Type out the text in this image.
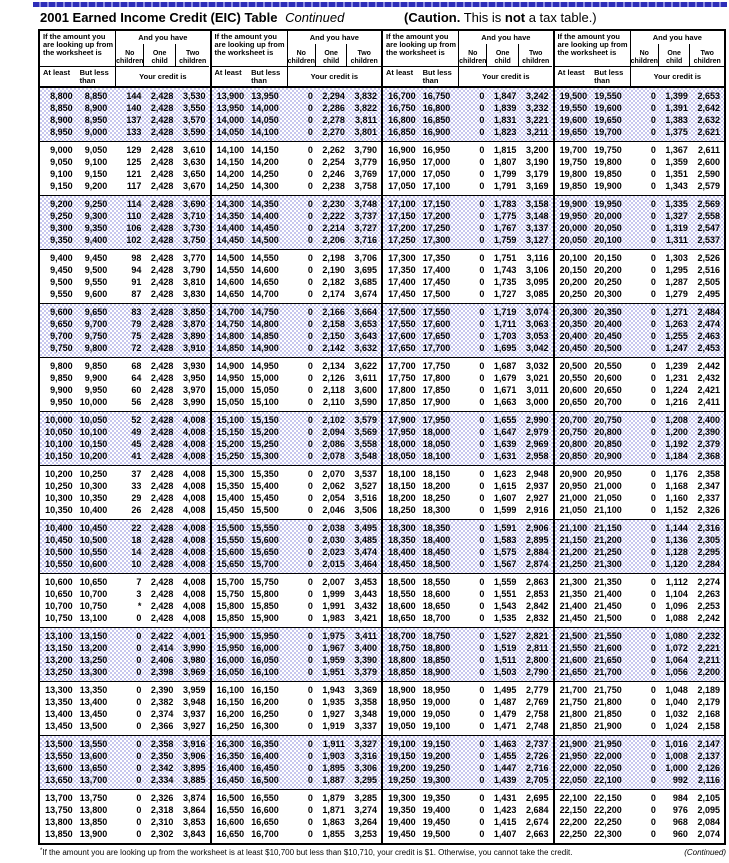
2001 Earned Income Credit (EIC) Table Continued	(Caution. This is not a tax table.)
If the amount you are looking up from the worksheet is
And you have
No children
One child
Two children
At least	But less than	Your credit is
8,800	8,850	144	2,428	3,530
8,850	8,900	140	2,428	3,550
8,900	8,950	137	2,428	3,570
8,950	9,000	133	2,428	3,590
9,000	9,050	129	2,428	3,610
9,050	9,100	125	2,428	3,630
9,100	9,150	121	2,428	3,650
9,150	9,200	117	2,428	3,670
9,200	9,250	114	2,428	3,690
9,250	9,300	110	2,428	3,710
9,300	9,350	106	2,428	3,730
9,350	9,400	102	2,428	3,750
9,400	9,450	98	2,428	3,770
9,450	9,500	94	2,428	3,790
9,500	9,550	91	2,428	3,810
9,550	9,600	87	2,428	3,830
9,600	9,650	83	2,428	3,850
9,650	9,700	79	2,428	3,870
9,700	9,750	75	2,428	3,890
9,750	9,800	72	2,428	3,910
9,800	9,850	68	2,428	3,930
9,850	9,900	64	2,428	3,950
9,900	9,950	60	2,428	3,970
9,950 10,000	56	2,428	3,990
10,000 10,050	52	2,428	4,008
10,050 10,100	49	2,428	4,008
10,100 10,150	45	2,428	4,008
10,150 10,200	41	2,428	4,008
10,200 10,250	37	2,428	4,008
10,250 10,300	33	2,428	4,008
10,300 10,350	29	2,428	4,008
10,350 10,400	26	2,428	4,008
10,400 10,450	22	2,428	4,008
10,450 10,500	18	2,428	4,008
10,500 10,550	14	2,428	4,008
10,550 10,600	10	2,428	4,008
10,600 10,650	7	2,428	4,008
10,650 10,700	3	2,428	4,008
10,700 10,750	*	2,428	4,008
10,750 13,100	0	2,428	4,008
13,100 13,150	0	2,422	4,001
13,150 13,200	0	2,414	3,990
13,200 13,250	0	2,406	3,980
13,250 13,300	0	2,398	3,969
13,300 13,350	0	2,390	3,959
13,350 13,400	0	2,382	3,948
13,400 13,450	0	2,374	3,937
13,450 13,500	0	2,366	3,927
13,500 13,550	0	2,358	3,916
13,550 13,600	0	2,350	3,906
13,600 13,650	0	2,342	3,895
13,650 13,700	0	2,334	3,885
13,700 13,750	0	2,326	3,874
13,750 13,800	0	2,318	3,864
13,800 13,850	0	2,310	3,853
13,850 13,900	0	2,302	3,843
If the amount you are looking up from the worksheet is
And you have
No children
One child
Two children
At least	But less than	Your credit is
13,900 13,950	0	2,294	3,832
13,950 14,000	0	2,286	3,822
14,000 14,050	0	2,278	3,811
14,050 14,100	0	2,270	3,801
14,100 14,150	0	2,262	3,790
14,150 14,200	0	2,254	3,779
14,200 14,250	0	2,246	3,769
14,250 14,300	0	2,238	3,758
14,300 14,350	0	2,230	3,748
14,350 14,400	0	2,222	3,737
14,400 14,450	0	2,214	3,727
14,450 14,500	0	2,206	3,716
14,500 14,550	0	2,198	3,706
14,550 14,600	0	2,190	3,695
14,600 14,650	0	2,182	3,685
14,650 14,700	0	2,174	3,674
14,700 14,750	0	2,166	3,664
14,750 14,800	0	2,158	3,653
14,800 14,850	0	2,150	3,643
14,850 14,900	0	2,142	3,632
14,900 14,950	0	2,134	3,622
14,950 15,000	0	2,126	3,611
15,000 15,050	0	2,118	3,600
15,050 15,100	0	2,110	3,590
15,100 15,150	0	2,102	3,579
15,150 15,200	0	2,094	3,569
15,200 15,250	0	2,086	3,558
15,250 15,300	0	2,078	3,548
15,300 15,350	0	2,070	3,537
15,350 15,400	0	2,062	3,527
15,400 15,450	0	2,054	3,516
15,450 15,500	0	2,046	3,506
15,500 15,550	0	2,038	3,495
15,550 15,600	0	2,030	3,485
15,600 15,650	0	2,023	3,474
15,650 15,700	0	2,015	3,464
15,700 15,750	0	2,007	3,453
15,750 15,800	0	1,999	3,443
15,800 15,850	0	1,991	3,432
15,850 15,900	0	1,983	3,421
15,900 15,950	0	1,975	3,411
15,950 16,000	0	1,967	3,400
16,000 16,050	0	1,959	3,390
16,050 16,100	0	1,951	3,379
16,100 16,150	0	1,943	3,369
16,150 16,200	0	1,935	3,358
16,200 16,250	0	1,927	3,348
16,250 16,300	0	1,919	3,337
16,300 16,350	0	1,911	3,327
16,350 16,400	0	1,903	3,316
16,400 16,450	0	1,895	3,306
16,450 16,500	0	1,887	3,295
16,500 16,550	0	1,879	3,285
16,550 16,600	0	1,871	3,274
16,600 16,650	0	1,863	3,264
16,650 16,700	0	1,855	3,253
If the amount you are looking up from the worksheet is
And you have
No children
One child
Two children
At least	But less than	Your credit is
16,700 16,750	0	1,847	3,242
16,750 16,800	0	1,839	3,232
16,800 16,850	0	1,831	3,221
16,850 16,900	0	1,823	3,211
16,900 16,950	0	1,815	3,200
16,950 17,000	0	1,807	3,190
17,000 17,050	0	1,799	3,179
17,050 17,100	0	1,791	3,169
17,100 17,150	0	1,783	3,158
17,150 17,200	0	1,775	3,148
17,200 17,250	0	1,767	3,137
17,250 17,300	0	1,759	3,127
17,300 17,350	0	1,751	3,116
17,350 17,400	0	1,743	3,106
17,400 17,450	0	1,735	3,095
17,450 17,500	0	1,727	3,085
17,500 17,550	0	1,719	3,074
17,550 17,600	0	1,711	3,063
17,600 17,650	0	1,703	3,053
17,650 17,700	0	1,695	3,042
17,700 17,750	0	1,687	3,032
17,750 17,800	0	1,679	3,021
17,800 17,850	0	1,671	3,011
17,850 17,900	0	1,663	3,000
17,900 17,950	0	1,655	2,990
17,950 18,000	0	1,647	2,979
18,000 18,050	0	1,639	2,969
18,050 18,100	0	1,631	2,958
18,100 18,150	0	1,623	2,948
18,150 18,200	0	1,615	2,937
18,200 18,250	0	1,607	2,927
18,250 18,300	0	1,599	2,916
18,300 18,350	0	1,591	2,906
18,350 18,400	0	1,583	2,895
18,400 18,450	0	1,575	2,884
18,450 18,500	0	1,567	2,874
18,500 18,550	0	1,559	2,863
18,550 18,600	0	1,551	2,853
18,600 18,650	0	1,543	2,842
18,650 18,700	0	1,535	2,832
18,700 18,750	0	1,527	2,821
18,750 18,800	0	1,519	2,811
18,800 18,850	0	1,511	2,800
18,850 18,900	0	1,503	2,790
18,900 18,950	0	1,495	2,779
18,950 19,000	0	1,487	2,769
19,000 19,050	0	1,479	2,758
19,050 19,100	0	1,471	2,748
19,100 19,150	0	1,463	2,737
19,150 19,200	0	1,455	2,726
19,200 19,250	0	1,447	2,716
19,250 19,300	0	1,439	2,705
19,300 19,350	0	1,431	2,695
19,350 19,400	0	1,423	2,684
19,400 19,450	0	1,415	2,674
19,450 19,500	0	1,407	2,663
If the amount you are looking up from the worksheet is
And you have
No children
One child
Two children
At least	But less than	Your credit is
19,500 19,550	0	1,399	2,653
19,550 19,600	0	1,391	2,642
19,600 19,650	0	1,383	2,632
19,650 19,700	0	1,375	2,621
19,700 19,750	0	1,367	2,611
19,750 19,800	0	1,359	2,600
19,800 19,850	0	1,351	2,590
19,850 19,900	0	1,343	2,579
19,900 19,950	0	1,335	2,569
19,950 20,000	0	1,327	2,558
20,000 20,050	0	1,319	2,547
20,050 20,100	0	1,311	2,537
20,100 20,150	0	1,303	2,526
20,150 20,200	0	1,295	2,516
20,200 20,250	0	1,287	2,505
20,250 20,300	0	1,279	2,495
20,300 20,350	0	1,271	2,484
20,350 20,400	0	1,263	2,474
20,400 20,450	0	1,255	2,463
20,450 20,500	0	1,247	2,453
20,500 20,550	0	1,239	2,442
20,550 20,600	0	1,231	2,432
20,600 20,650	0	1,224	2,421
20,650 20,700	0	1,216	2,411
20,700 20,750	0	1,208	2,400
20,750 20,800	0	1,200	2,390
20,800 20,850	0	1,192	2,379
20,850 20,900	0	1,184	2,368
20,900 20,950	0	1,176	2,358
20,950 21,000	0	1,168	2,347
21,000 21,050	0	1,160	2,337
21,050 21,100	0	1,152	2,326
21,100 21,150	0	1,144	2,316
21,150 21,200	0	1,136	2,305
21,200 21,250	0	1,128	2,295
21,250 21,300	0	1,120	2,284
21,300 21,350	0	1,112	2,274
21,350 21,400	0	1,104	2,263
21,400 21,450	0	1,096	2,253
21,450 21,500	0	1,088	2,242
21,500 21,550	0	1,080	2,232
21,550 21,600	0	1,072	2,221
21,600 21,650	0	1,064	2,211
21,650 21,700	0	1,056	2,200
21,700 21,750	0	1,048	2,189
21,750 21,800	0	1,040	2,179
21,800 21,850	0	1,032	2,168
21,850 21,900	0	1,024	2,158
21,900 21,950	0	1,016	2,147
21,950 22,000	0	1,008	2,137
22,000 22,050	0	1,000	2,126
22,050 22,100	0	992	2,116
22,100 22,150	0	984	2,105
22,150 22,200	0	976	2,095
22,200 22,250	0	968	2,084
22,250 22,300	0	960	2,074
*If the amount you are looking up from the worksheet is at least $10,700 but less than $10,710, your credit is $1. Otherwise, you cannot take the credit.	(Continued)
